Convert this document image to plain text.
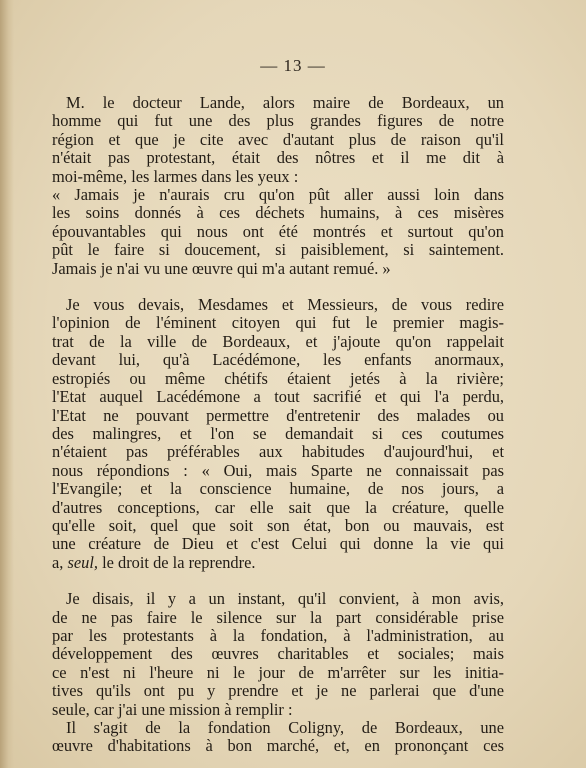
— 13 —
M. le docteur Lande, alors maire de Bordeaux, un
homme qui fut une des plus grandes figures de notre
région et que je cite avec d'autant plus de raison qu'il
n'était pas protestant, était des nôtres et il me dit à
moi-même, les larmes dans les yeux :
« Jamais je n'aurais cru qu'on pût aller aussi loin dans
les soins donnés à ces déchets humains, à ces misères
épouvantables qui nous ont été montrés et surtout qu'on
pût le faire si doucement, si paisiblement, si saintement.
Jamais je n'ai vu une œuvre qui m'a autant remué. »
Je vous devais, Mesdames et Messieurs, de vous redire
l'opinion de l'éminent citoyen qui fut le premier magis-
trat de la ville de Bordeaux, et j'ajoute qu'on rappelait
devant lui, qu'à Lacédémone, les enfants anormaux,
estropiés ou même chétifs étaient jetés à la rivière;
l'Etat auquel Lacédémone a tout sacrifié et qui l'a perdu,
l'Etat ne pouvant permettre d'entretenir des malades ou
des malingres, et l'on se demandait si ces coutumes
n'étaient pas préférables aux habitudes d'aujourd'hui, et
nous répondions : « Oui, mais Sparte ne connaissait pas
l'Evangile; et la conscience humaine, de nos jours, a
d'autres conceptions, car elle sait que la créature, quelle
qu'elle soit, quel que soit son état, bon ou mauvais, est
une créature de Dieu et c'est Celui qui donne la vie qui
a, seul, le droit de la reprendre.
Je disais, il y a un instant, qu'il convient, à mon avis,
de ne pas faire le silence sur la part considérable prise
par les protestants à la fondation, à l'administration, au
développement des œuvres charitables et sociales; mais
ce n'est ni l'heure ni le jour de m'arrêter sur les initia-
tives qu'ils ont pu y prendre et je ne parlerai que d'une
seule, car j'ai une mission à remplir :
Il s'agit de la fondation Coligny, de Bordeaux, une
œuvre d'habitations à bon marché, et, en prononçant ces
